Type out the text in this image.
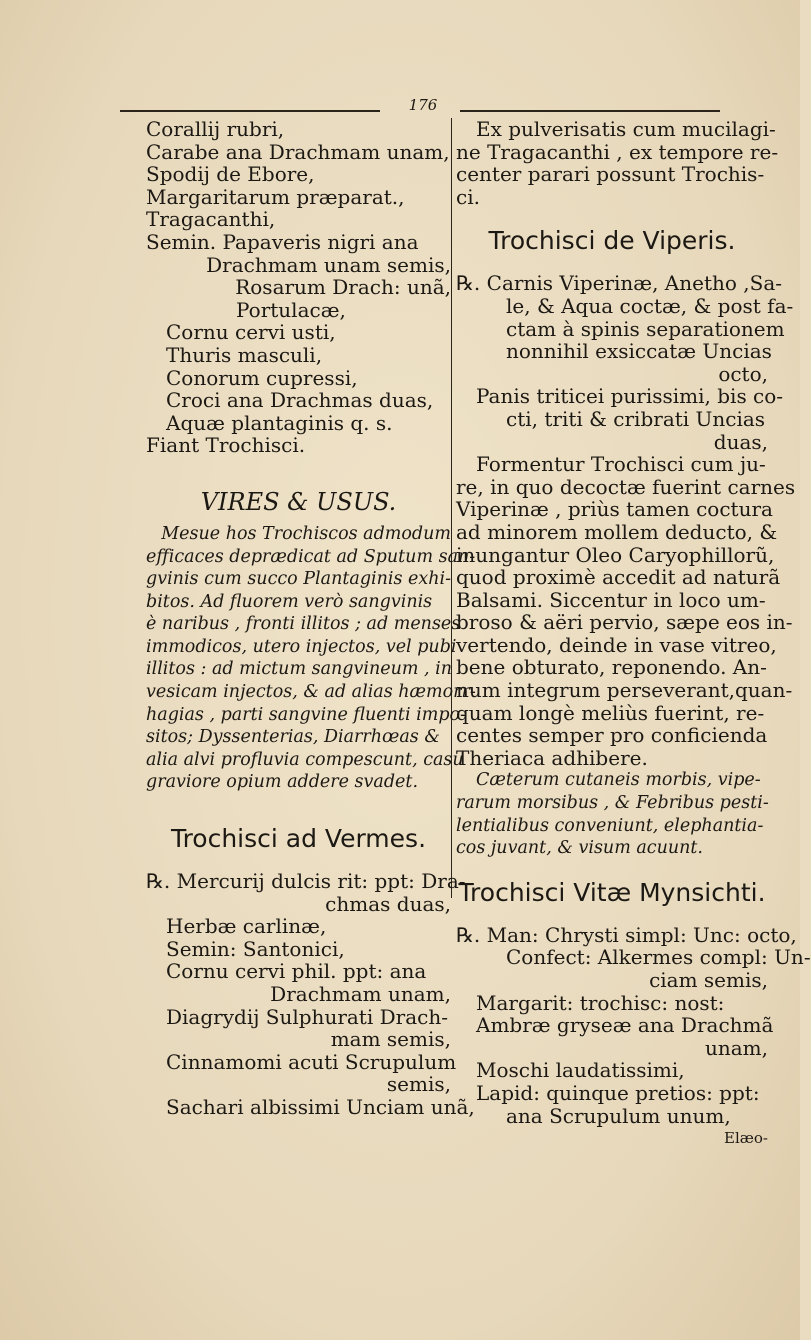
176
Corallij rubri,
Carabe ana Drachmam unam,
Spodij de Ebore,
Margaritarum præparat.,
Tragacanthi,
Semin. Papaveris nigri ana
Drachmam unam semis,
Rosarum Drach: unã,
Portulacæ,
Cornu cervi usti,
Thuris masculi,
Conorum cupressi,
Croci ana Drachmas duas,
Aquæ plantaginis q. s.
Fiant Trochisci.
VIRES & USUS.
Mesue hos Trochiscos admodum
efficaces deprædicat ad Sputum san-
gvinis cum succo Plantaginis exhi-
bitos. Ad fluorem verò sangvinis
è naribus , fronti illitos ; ad menses
immodicos, utero injectos, vel pubi
illitos : ad mictum sangvineum , in
vesicam injectos, & ad alias hæmorr-
hagias , parti sangvine fluenti impo-
sitos; Dyssenterias, Diarrhœas &
alia alvi profluvia compescunt, casu
graviore opium addere svadet.
Trochisci ad Vermes.
℞. Mercurij dulcis rit: ppt: Dra-
chmas duas,
Herbæ carlinæ,
Semin: Santonici,
Cornu cervi phil. ppt: ana
Drachmam unam,
Diagrydij Sulphurati Drach-
mam semis,
Cinnamomi acuti Scrupulum
semis,
Sachari albissimi Unciam unã,
Ex pulverisatis cum mucilagi-
ne Tragacanthi , ex tempore re-
center parari possunt Trochis-
ci.
Trochisci de Viperis.
℞. Carnis Viperinæ, Anetho ,Sa-
le, & Aqua coctæ, & post fa-
ctam à spinis separationem
nonnihil exsiccatæ Uncias
octo,
Panis triticei purissimi, bis co-
cti, triti & cribrati Uncias
duas,
Formentur Trochisci cum ju-
re, in quo decoctæ fuerint carnes
Viperinæ , priùs tamen coctura
ad minorem mollem deducto, &
inungantur Oleo Caryophillorũ,
quod proximè accedit ad naturã
Balsami. Siccentur in loco um-
broso & aëri pervio, sæpe eos in-
vertendo, deinde in vase vitreo,
bene obturato, reponendo. An-
num integrum perseverant,quan-
quam longè meliùs fuerint, re-
centes semper pro conficienda
Theriaca adhibere.
Cæterum cutaneis morbis, vipe-
rarum morsibus , & Febribus pesti-
lentialibus conveniunt, elephantia-
cos juvant, & visum acuunt.
Trochisci Vitæ Mynsichti.
℞. Man: Chrysti simpl: Unc: octo,
Confect: Alkermes compl: Un-
ciam semis,
Margarit: trochisc: nost:
Ambræ gryseæ ana Drachmã
unam,
Moschi laudatissimi,
Lapid: quinque pretios: ppt:
ana Scrupulum unum,
Elæo-
